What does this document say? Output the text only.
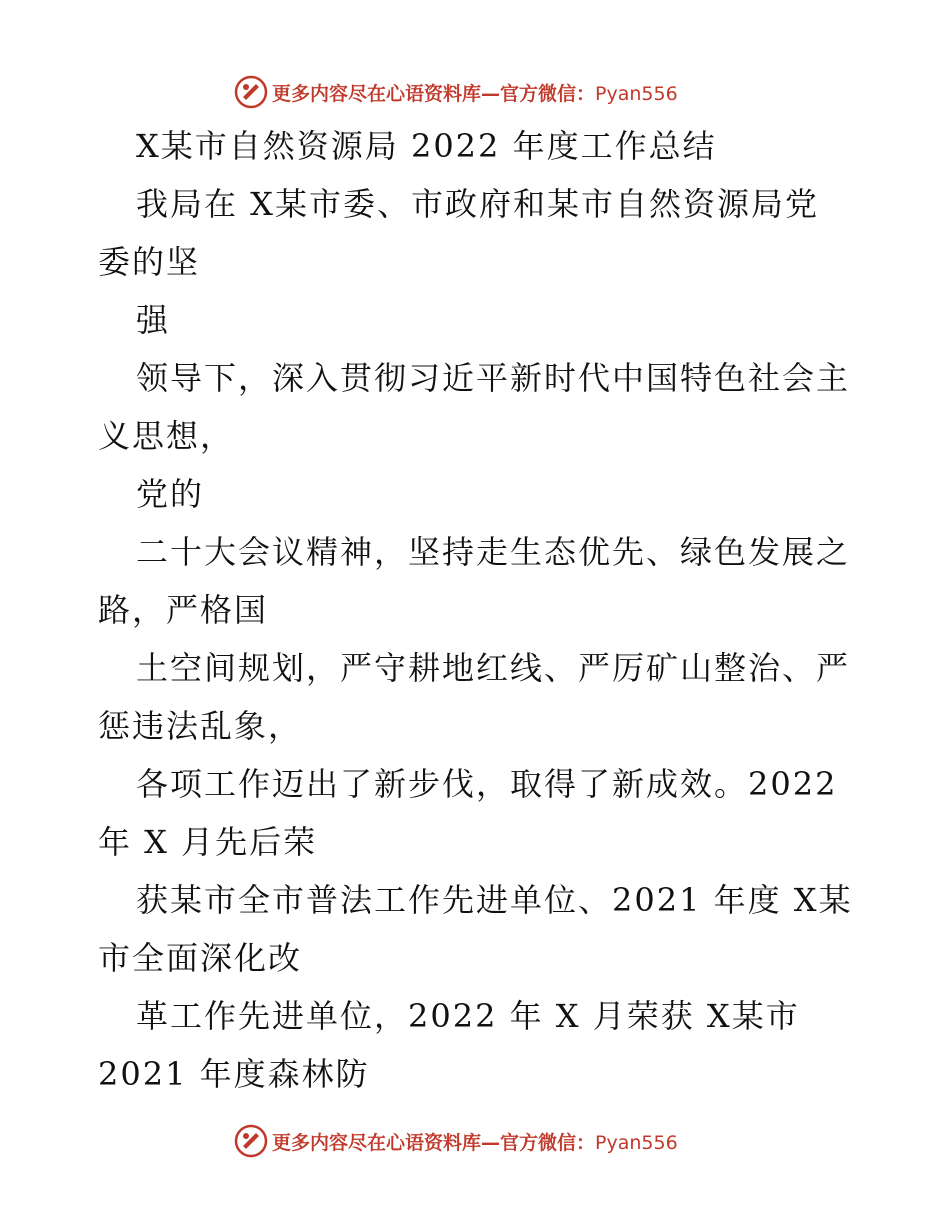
更多内容尽在心语资料库—官方微信：Pyan556
X某市自然资源局 2022 年度工作总结
我局在 X某市委、市政府和某市自然资源局党
委的坚
强
领导下，深入贯彻习近平新时代中国特色社会主
义思想，
党的
二十大会议精神，坚持走生态优先、绿色发展之
路，严格国
土空间规划，严守耕地红线、严厉矿山整治、严
惩违法乱象，
各项工作迈出了新步伐，取得了新成效。2022
年 X 月先后荣
获某市全市普法工作先进单位、2021 年度 X某
市全面深化改
革工作先进单位，2022 年 X 月荣获 X某市
2021 年度森林防
更多内容尽在心语资料库—官方微信：Pyan556
